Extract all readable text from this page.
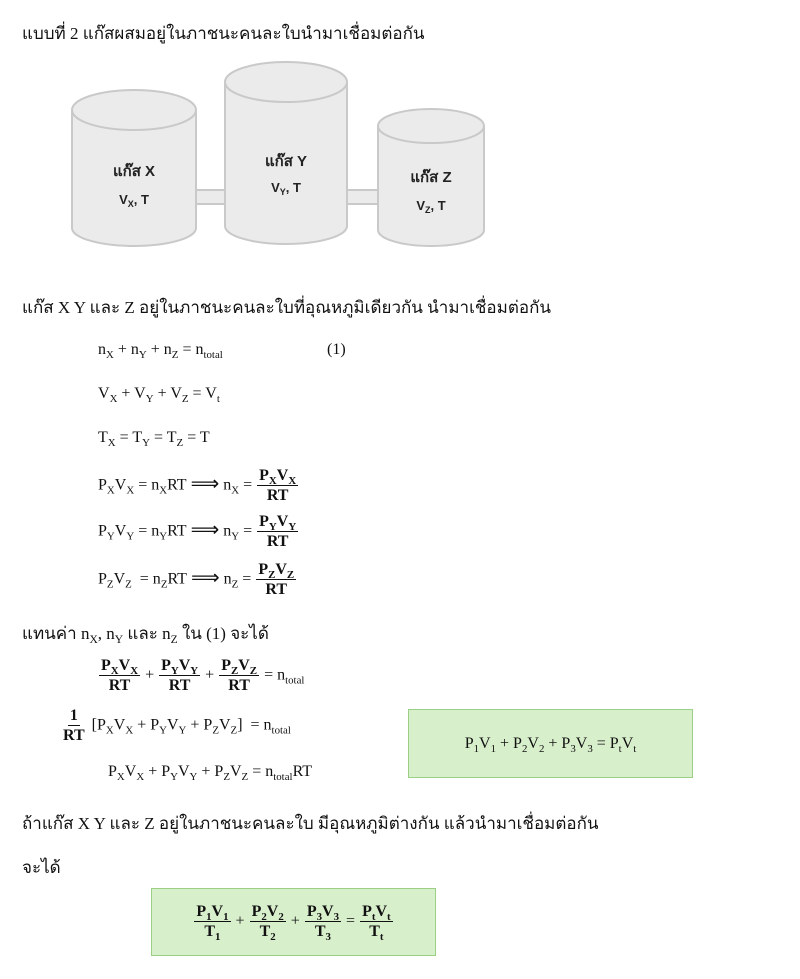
แบบที่ 2 แก๊สผสมอยู่ในภาชนะคนละใบนำมาเชื่อมต่อกัน
แก๊ส X
$V_X$, T
แก๊ส Y
$V_Y$, T
แก๊ส Z
$V_Z$, T
แก๊ส X Y และ Z อยู่ในภาชนะคนละใบที่อุณหภูมิเดียวกัน นำมาเชื่อมต่อกัน
$n_X + n_Y + n_Z = n_{total}$	(1)
$V_X + V_Y + V_Z = V_t$
$T_X = T_Y = T_Z = T$
$P_XV_X = n_XRT$ ⟹ $n_X = \frac{P_XV_X}{RT}$
$P_YV_Y = n_YRT$ ⟹ $n_Y = \frac{P_YV_Y}{RT}$
$P_ZV_Z = n_ZRT$ ⟹ $n_Z = \frac{P_ZV_Z}{RT}$
แทนค่า $n_X$, $n_Y$ และ $n_Z$ ใน (1) จะได้
$\frac{P_XV_X}{RT} + \frac{P_YV_Y}{RT} + \frac{P_ZV_Z}{RT} = n_{total}$
$\frac{1}{RT} [P_XV_X + P_YV_Y + P_ZV_Z] = n_{total}$
$P_XV_X + P_YV_Y + P_ZV_Z = n_{total}RT$
$P_1V_1 + P_2V_2 + P_3V_3 = P_tV_t$
ถ้าแก๊ส X Y และ Z อยู่ในภาชนะคนละใบ มีอุณหภูมิต่างกัน แล้วนำมาเชื่อมต่อกัน
จะได้
$\frac{P_1V_1}{T_1} + \frac{P_2V_2}{T_2} + \frac{P_3V_3}{T_3} = \frac{P_tV_t}{T_t}$
